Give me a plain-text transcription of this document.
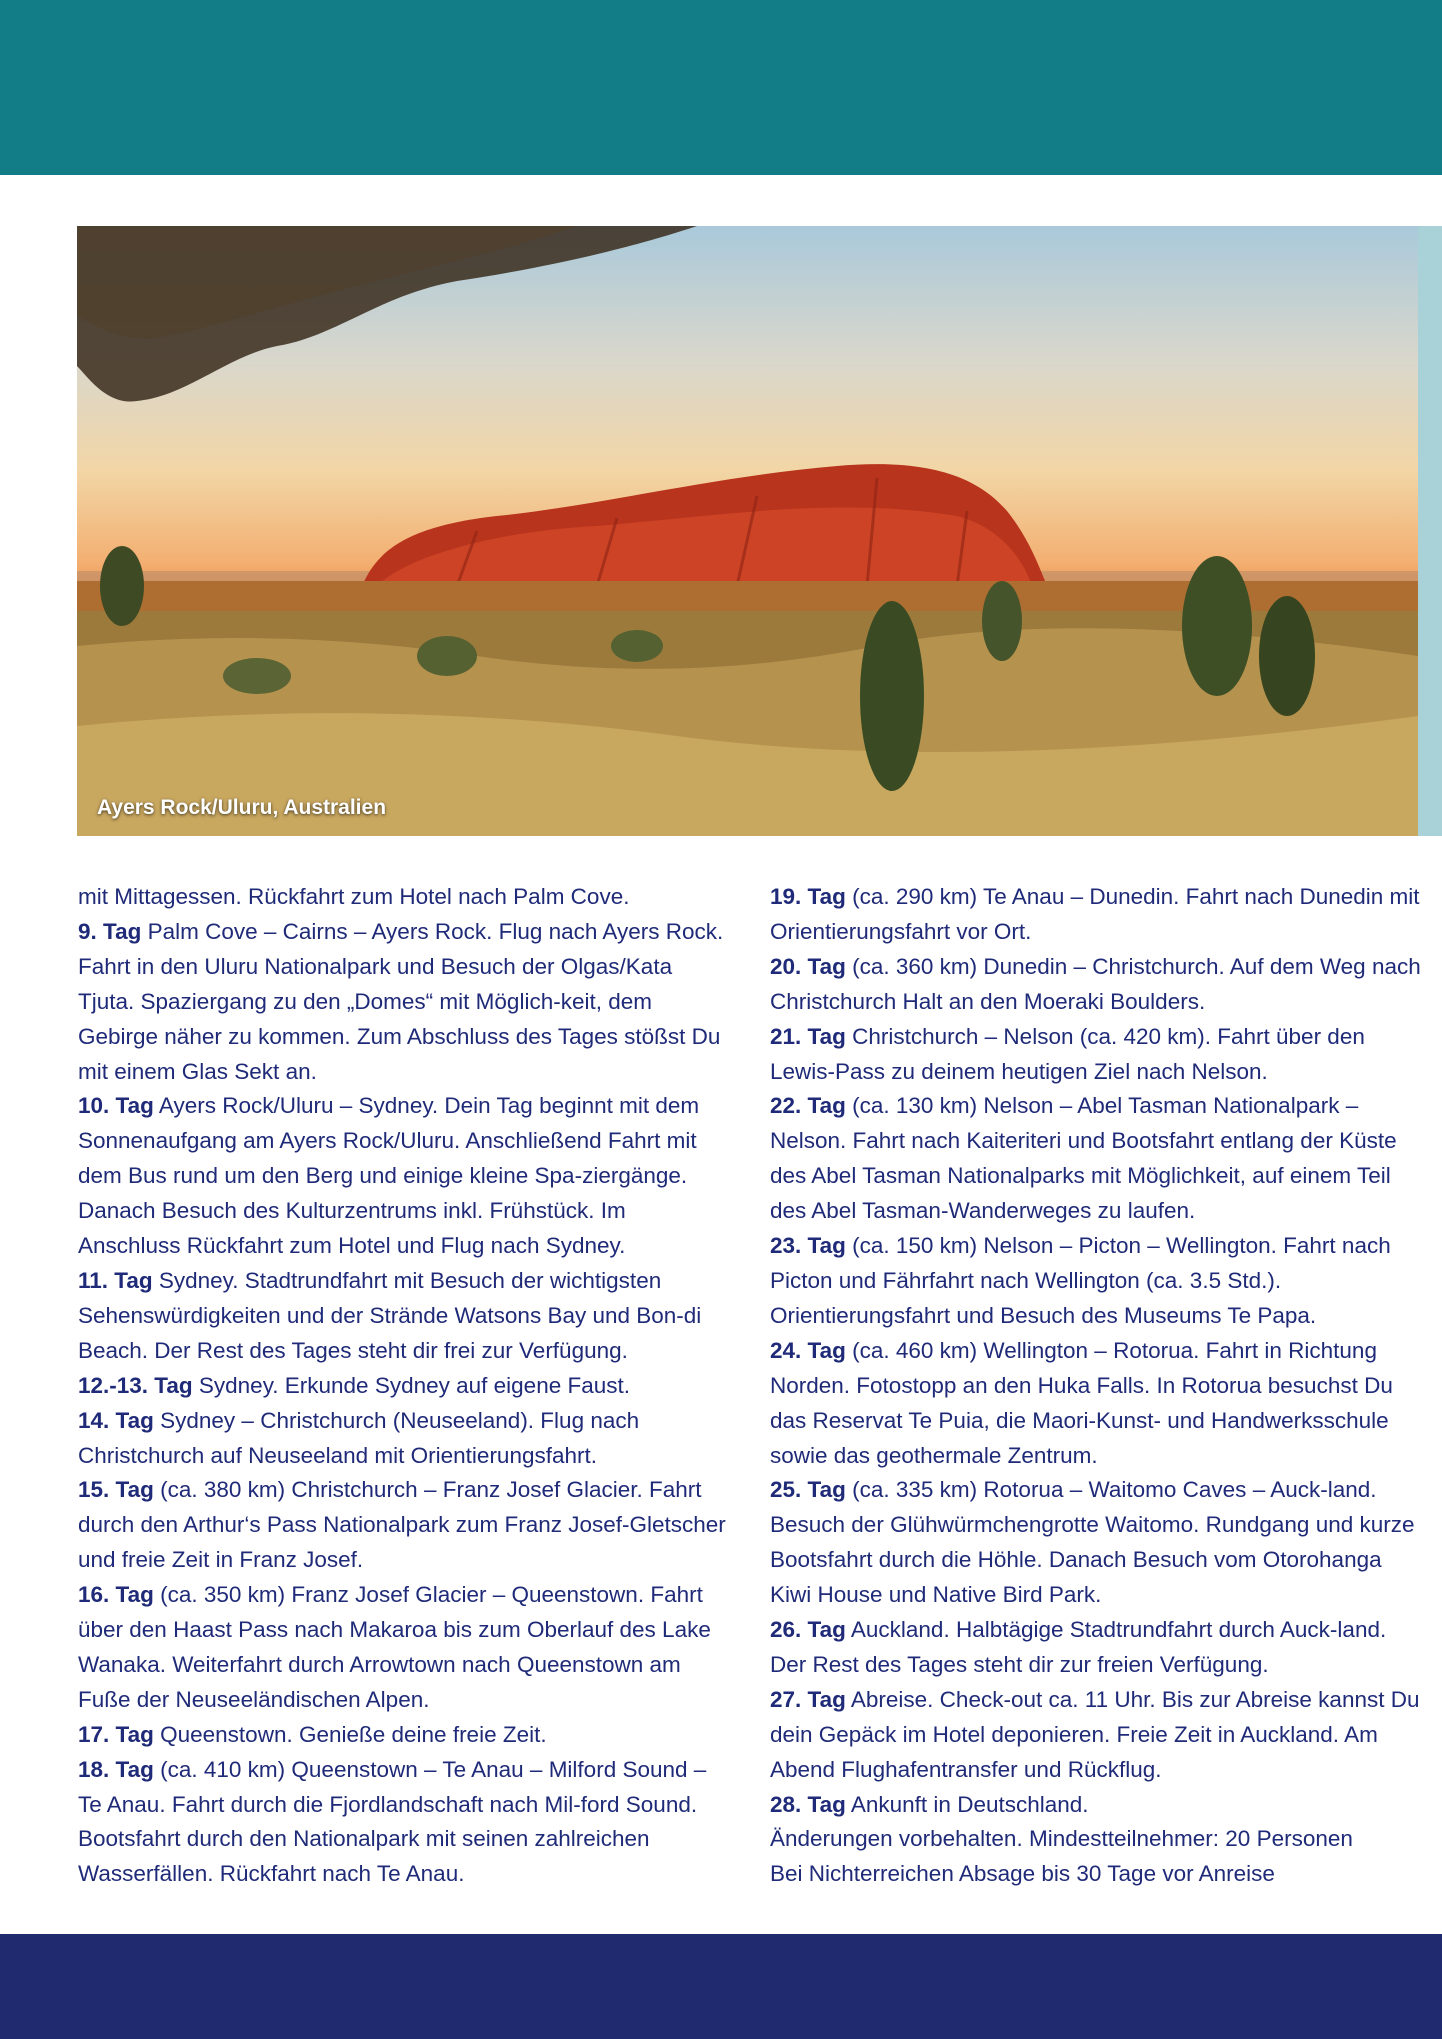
Ayers Rock/Uluru, Australien

mit Mittagessen. Rückfahrt zum Hotel nach Palm Cove.

9. Tag Palm Cove – Cairns – Ayers Rock. Flug nach Ayers Rock. Fahrt in den Uluru Nationalpark und Besuch der Olgas/Kata Tjuta. Spaziergang zu den „Domes“ mit Möglich-keit, dem Gebirge näher zu kommen. Zum Abschluss des Tages stößst Du mit einem Glas Sekt an.

10. Tag Ayers Rock/Uluru – Sydney. Dein Tag beginnt mit dem Sonnenaufgang am Ayers Rock/Uluru. Anschließend Fahrt mit dem Bus rund um den Berg und einige kleine Spa-ziergänge. Danach Besuch des Kulturzentrums inkl. Frühstück. Im Anschluss Rückfahrt zum Hotel und Flug nach Sydney.

11. Tag Sydney. Stadtrundfahrt mit Besuch der wichtigsten Sehenswürdigkeiten und der Strände Watsons Bay und Bon-di Beach. Der Rest des Tages steht dir frei zur Verfügung.

12.-13. Tag Sydney. Erkunde Sydney auf eigene Faust.

14. Tag Sydney – Christchurch (Neuseeland). Flug nach Christchurch auf Neuseeland mit Orientierungsfahrt.

15. Tag (ca. 380 km) Christchurch – Franz Josef Glacier. Fahrt durch den Arthur‘s Pass Nationalpark zum Franz Josef-Gletscher und freie Zeit in Franz Josef.

16. Tag (ca. 350 km) Franz Josef Glacier – Queenstown. Fahrt über den Haast Pass nach Makaroa bis zum Oberlauf des Lake Wanaka. Weiterfahrt durch Arrowtown nach Queenstown am Fuße der Neuseeländischen Alpen.

17. Tag Queenstown. Genieße deine freie Zeit.

18. Tag (ca. 410 km) Queenstown – Te Anau – Milford Sound – Te Anau. Fahrt durch die Fjordlandschaft nach Mil-ford Sound. Bootsfahrt durch den Nationalpark mit seinen zahlreichen Wasserfällen. Rückfahrt nach Te Anau.

19. Tag (ca. 290 km) Te Anau – Dunedin. Fahrt nach Dunedin mit Orientierungsfahrt vor Ort.

20. Tag (ca. 360 km) Dunedin – Christchurch. Auf dem Weg nach Christchurch Halt an den Moeraki Boulders.

21. Tag Christchurch – Nelson (ca. 420 km). Fahrt über den Lewis-Pass zu deinem heutigen Ziel nach Nelson.

22. Tag (ca. 130 km) Nelson – Abel Tasman Nationalpark – Nelson. Fahrt nach Kaiteriteri und Bootsfahrt entlang der Küste des Abel Tasman Nationalparks mit Möglichkeit, auf einem Teil des Abel Tasman-Wanderweges zu laufen.

23. Tag (ca. 150 km) Nelson – Picton – Wellington. Fahrt nach Picton und Fährfahrt nach Wellington (ca. 3.5 Std.). Orientierungsfahrt und Besuch des Museums Te Papa.

24. Tag (ca. 460 km) Wellington – Rotorua. Fahrt in Richtung Norden. Fotostopp an den Huka Falls. In Rotorua besuchst Du das Reservat Te Puia, die Maori-Kunst- und Handwerksschule sowie das geothermale Zentrum.

25. Tag (ca. 335 km) Rotorua – Waitomo Caves – Auck-land. Besuch der Glühwürmchengrotte Waitomo. Rundgang und kurze Bootsfahrt durch die Höhle. Danach Besuch vom Otorohanga Kiwi House und Native Bird Park.

26. Tag Auckland. Halbtägige Stadtrundfahrt durch Auck-land. Der Rest des Tages steht dir zur freien Verfügung.

27. Tag Abreise. Check-out ca. 11 Uhr. Bis zur Abreise kannst Du dein Gepäck im Hotel deponieren. Freie Zeit in Auckland. Am Abend Flughafentransfer und Rückflug.

28. Tag Ankunft in Deutschland.

Änderungen vorbehalten. Mindestteilnehmer: 20 Personen

Bei Nichterreichen Absage bis 30 Tage vor Anreise
